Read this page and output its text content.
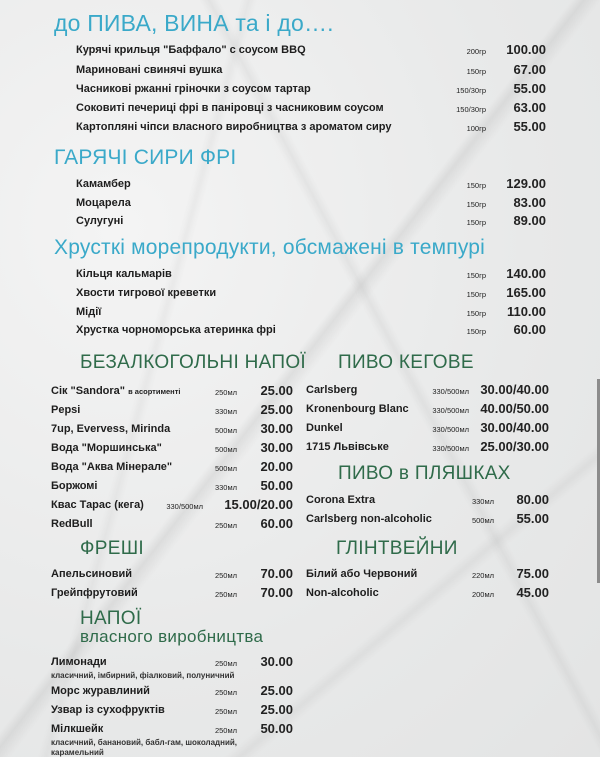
до ПИВА, ВИНА та і до….
Курячі крильця "Баффало" с соусом BBQ	200гр 100.00
Мариновані свинячі вушка	150гр 67.00
Часникові ржанні гріночки з соусом тартар	150/30гр 55.00
Соковиті печериці фрі в паніровці з часниковим соусом	150/30гр 63.00
Картопляні чіпси власного виробництва з ароматом сиру	100гр 55.00
ГАРЯЧІ СИРИ ФРІ
Камамбер	150гр 129.00
Моцарела	150гр 83.00
Сулугуні	150гр 89.00
Хрусткі морепродукти, обсмажені в темпурі
Кільця кальмарів	150гр 140.00
Хвости тигрової креветки	150гр 165.00
Мідії	150гр 110.00
Хрустка чорноморська атеринка фрі	150гр 60.00
БЕЗАЛКОГОЛЬНІ НАПОЇ
Сік "Sandora" в асортименті	250мл 25.00
Pepsi	330мл 25.00
7up, Evervess, Mirinda	500мл 30.00
Вода "Моршинська"	500мл 30.00
Вода "Аква Мінерале"	500мл 20.00
Боржомі	330мл 50.00
Квас Тарас (кега)	330/500мл 15.00/20.00
RedBull	250мл 60.00
ПИВО КЕГОВЕ
Carlsberg	330/500мл 30.00/40.00
Kronenbourg Blanc	330/500мл 40.00/50.00
Dunkel	330/500мл 30.00/40.00
1715 Львівське	330/500мл 25.00/30.00
ПИВО в ПЛЯШКАХ
Corona Extra	330мл 80.00
Carlsberg non-alcoholic	500мл 55.00
ФРЕШІ
Апельсиновий	250мл 70.00
Грейпфрутовий	250мл 70.00
ГЛІНТВЕЙНИ
Білий або Червоний	220мл 75.00
Non-alcoholic	200мл 45.00
НАПОЇ
власного виробництва
Лимонади	250мл 30.00
класичний, імбирний, фіалковий, полуничний
Морс журавлиний	250мл 25.00
Узвар із сухофруктів	250мл 25.00
Мілкшейк	250мл 50.00
класичний, банановий, бабл-гам, шоколадний,
карамельний
